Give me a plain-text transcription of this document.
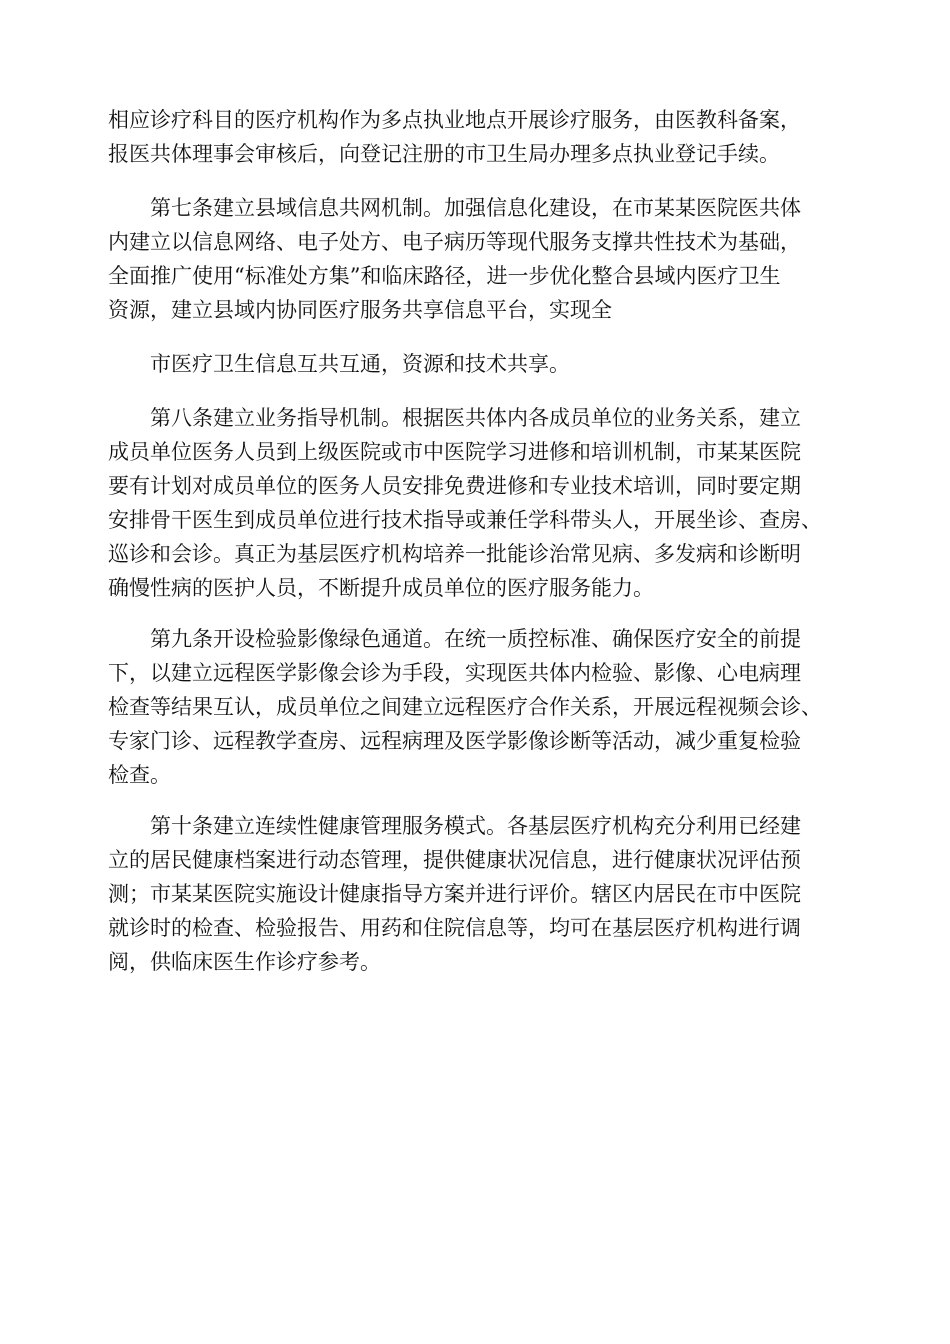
相应诊疗科目的医疗机构作为多点执业地点开展诊疗服务，由医教科备案，
报医共体理事会审核后，向登记注册的市卫生局办理多点执业登记手续。
第七条建立县域信息共网机制。加强信息化建设，在市某某医院医共体
内建立以信息网络、电子处方、电子病历等现代服务支撑共性技术为基础，
全面推广使用“标准处方集”和临床路径，进一步优化整合县域内医疗卫生
资源，建立县域内协同医疗服务共享信息平台，实现全
市医疗卫生信息互共互通，资源和技术共享。
第八条建立业务指导机制。根据医共体内各成员单位的业务关系，建立
成员单位医务人员到上级医院或市中医院学习进修和培训机制，市某某医院
要有计划对成员单位的医务人员安排免费进修和专业技术培训，同时要定期
安排骨干医生到成员单位进行技术指导或兼任学科带头人，开展坐诊、查房、
巡诊和会诊。真正为基层医疗机构培养一批能诊治常见病、多发病和诊断明
确慢性病的医护人员，不断提升成员单位的医疗服务能力。
第九条开设检验影像绿色通道。在统一质控标准、确保医疗安全的前提
下，以建立远程医学影像会诊为手段，实现医共体内检验、影像、心电病理
检查等结果互认，成员单位之间建立远程医疗合作关系，开展远程视频会诊、
专家门诊、远程教学查房、远程病理及医学影像诊断等活动，减少重复检验
检查。
第十条建立连续性健康管理服务模式。各基层医疗机构充分利用已经建
立的居民健康档案进行动态管理，提供健康状况信息，进行健康状况评估预
测；市某某医院实施设计健康指导方案并进行评价。辖区内居民在市中医院
就诊时的检查、检验报告、用药和住院信息等，均可在基层医疗机构进行调
阅，供临床医生作诊疗参考。
